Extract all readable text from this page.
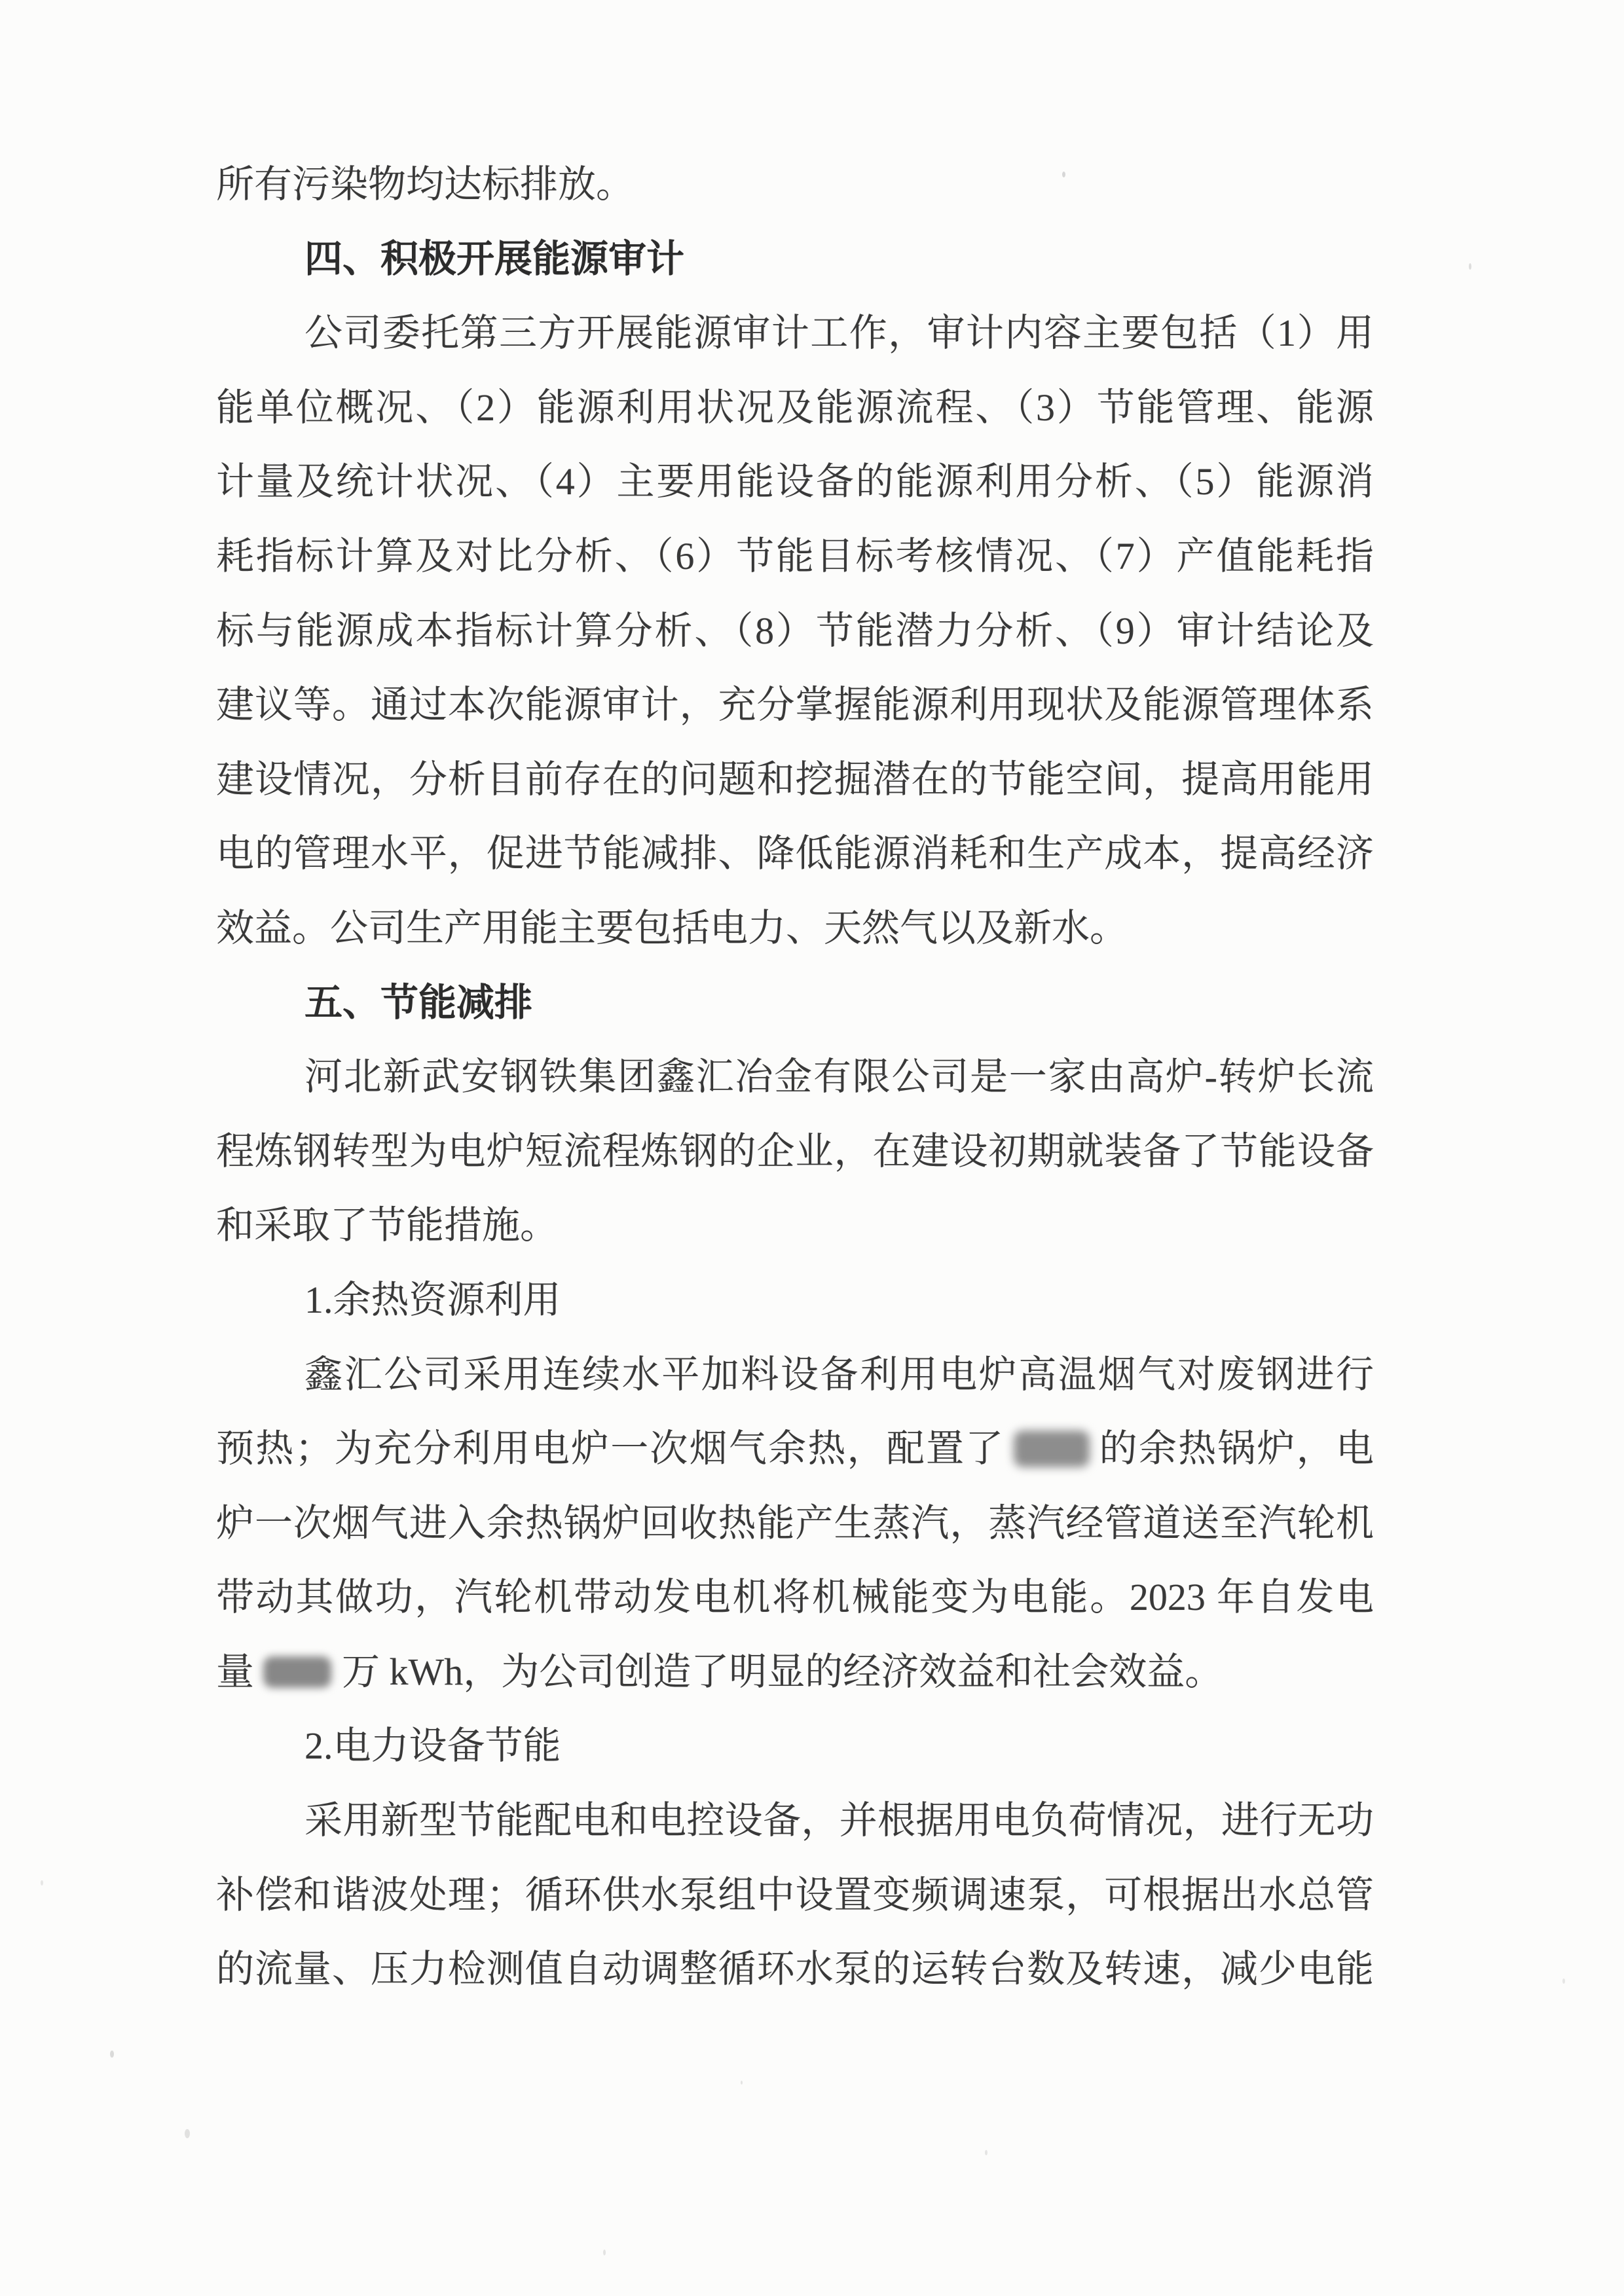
所有污染物均达标排放。
四、积极开展能源审计
公司委托第三方开展能源审计工作，审计内容主要包括（1）用
能单位概况、（2）能源利用状况及能源流程、（3）节能管理、能源
计量及统计状况、（4）主要用能设备的能源利用分析、（5）能源消
耗指标计算及对比分析、（6）节能目标考核情况、（7）产值能耗指
标与能源成本指标计算分析、（8）节能潜力分析、（9）审计结论及
建议等。通过本次能源审计，充分掌握能源利用现状及能源管理体系
建设情况，分析目前存在的问题和挖掘潜在的节能空间，提高用能用
电的管理水平，促进节能减排、降低能源消耗和生产成本，提高经济
效益。公司生产用能主要包括电力、天然气以及新水。
五、节能减排
河北新武安钢铁集团鑫汇冶金有限公司是一家由高炉-转炉长流
程炼钢转型为电炉短流程炼钢的企业，在建设初期就装备了节能设备
和采取了节能措施。
1.余热资源利用
鑫汇公司采用连续水平加料设备利用电炉高温烟气对废钢进行
预热；为充分利用电炉一次烟气余热，配置了 的余热锅炉，电
炉一次烟气进入余热锅炉回收热能产生蒸汽，蒸汽经管道送至汽轮机
带动其做功，汽轮机带动发电机将机械能变为电能。2023 年自发电
量 万 kWh，为公司创造了明显的经济效益和社会效益。
2.电力设备节能
采用新型节能配电和电控设备，并根据用电负荷情况，进行无功
补偿和谐波处理；循环供水泵组中设置变频调速泵，可根据出水总管
的流量、压力检测值自动调整循环水泵的运转台数及转速，减少电能
